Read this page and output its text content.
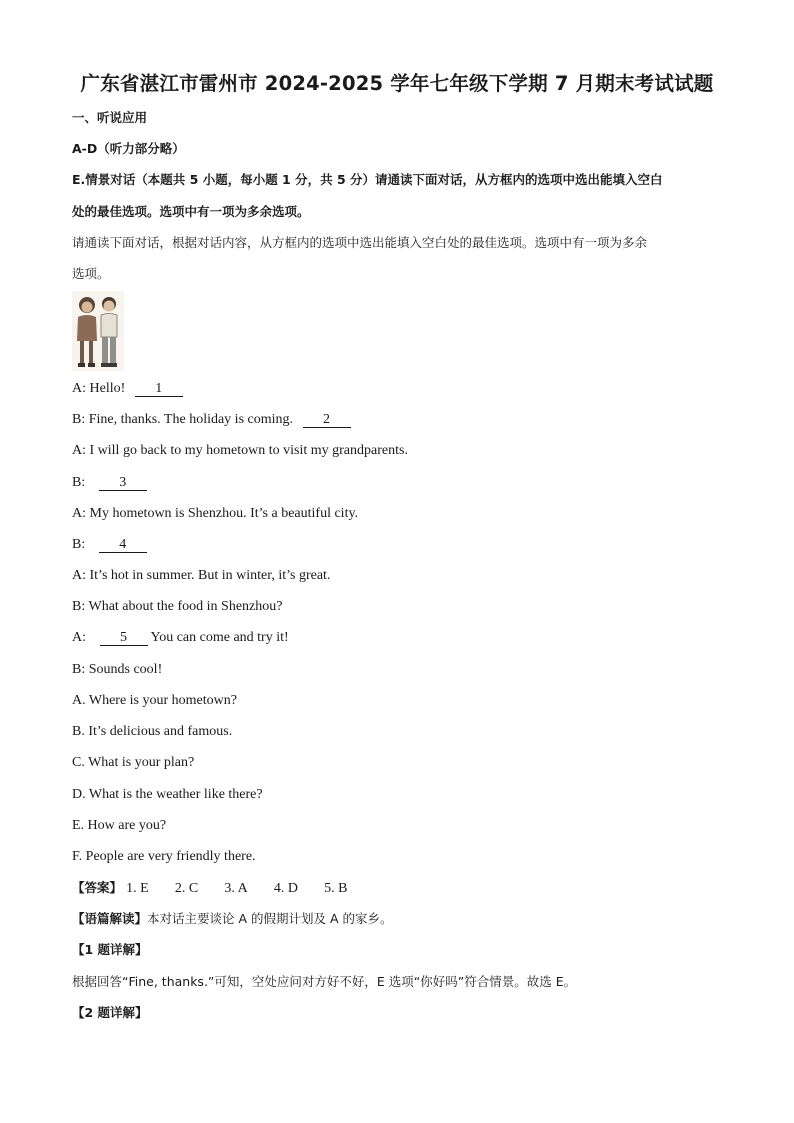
广东省湛江市雷州市 2024-2025 学年七年级下学期 7 月期末考试试题
一、听说应用
A-D（听力部分略）
E.情景对话（本题共 5 小题，每小题 1 分，共 5 分）请通读下面对话，从方框内的选项中选出能填入空白
处的最佳选项。选项中有一项为多余选项。
请通读下面对话，根据对话内容，从方框内的选项中选出能填入空白处的最佳选项。选项中有一项为多余
选项。
A: Hello! 1
B: Fine, thanks. The holiday is coming. 2
A: I will go back to my hometown to visit my grandparents.
B: 3
A: My hometown is Shenzhou. It’s a beautiful city.
B: 4
A: It’s hot in summer. But in winter, it’s great.
B: What about the food in Shenzhou?
A: 5 You can come and try it!
B: Sounds cool!
A. Where is your hometown?
B. It’s delicious and famous.
C. What is your plan?
D. What is the weather like there?
E. How are you?
F. People are very friendly there.
【答案】 1. E 2. C 3. A 4. D 5. B
【语篇解读】本对话主要谈论 A 的假期计划及 A 的家乡。
【1 题详解】
根据回答“Fine, thanks.”可知，空处应问对方好不好，E 选项“你好吗”符合情景。故选 E。
【2 题详解】
